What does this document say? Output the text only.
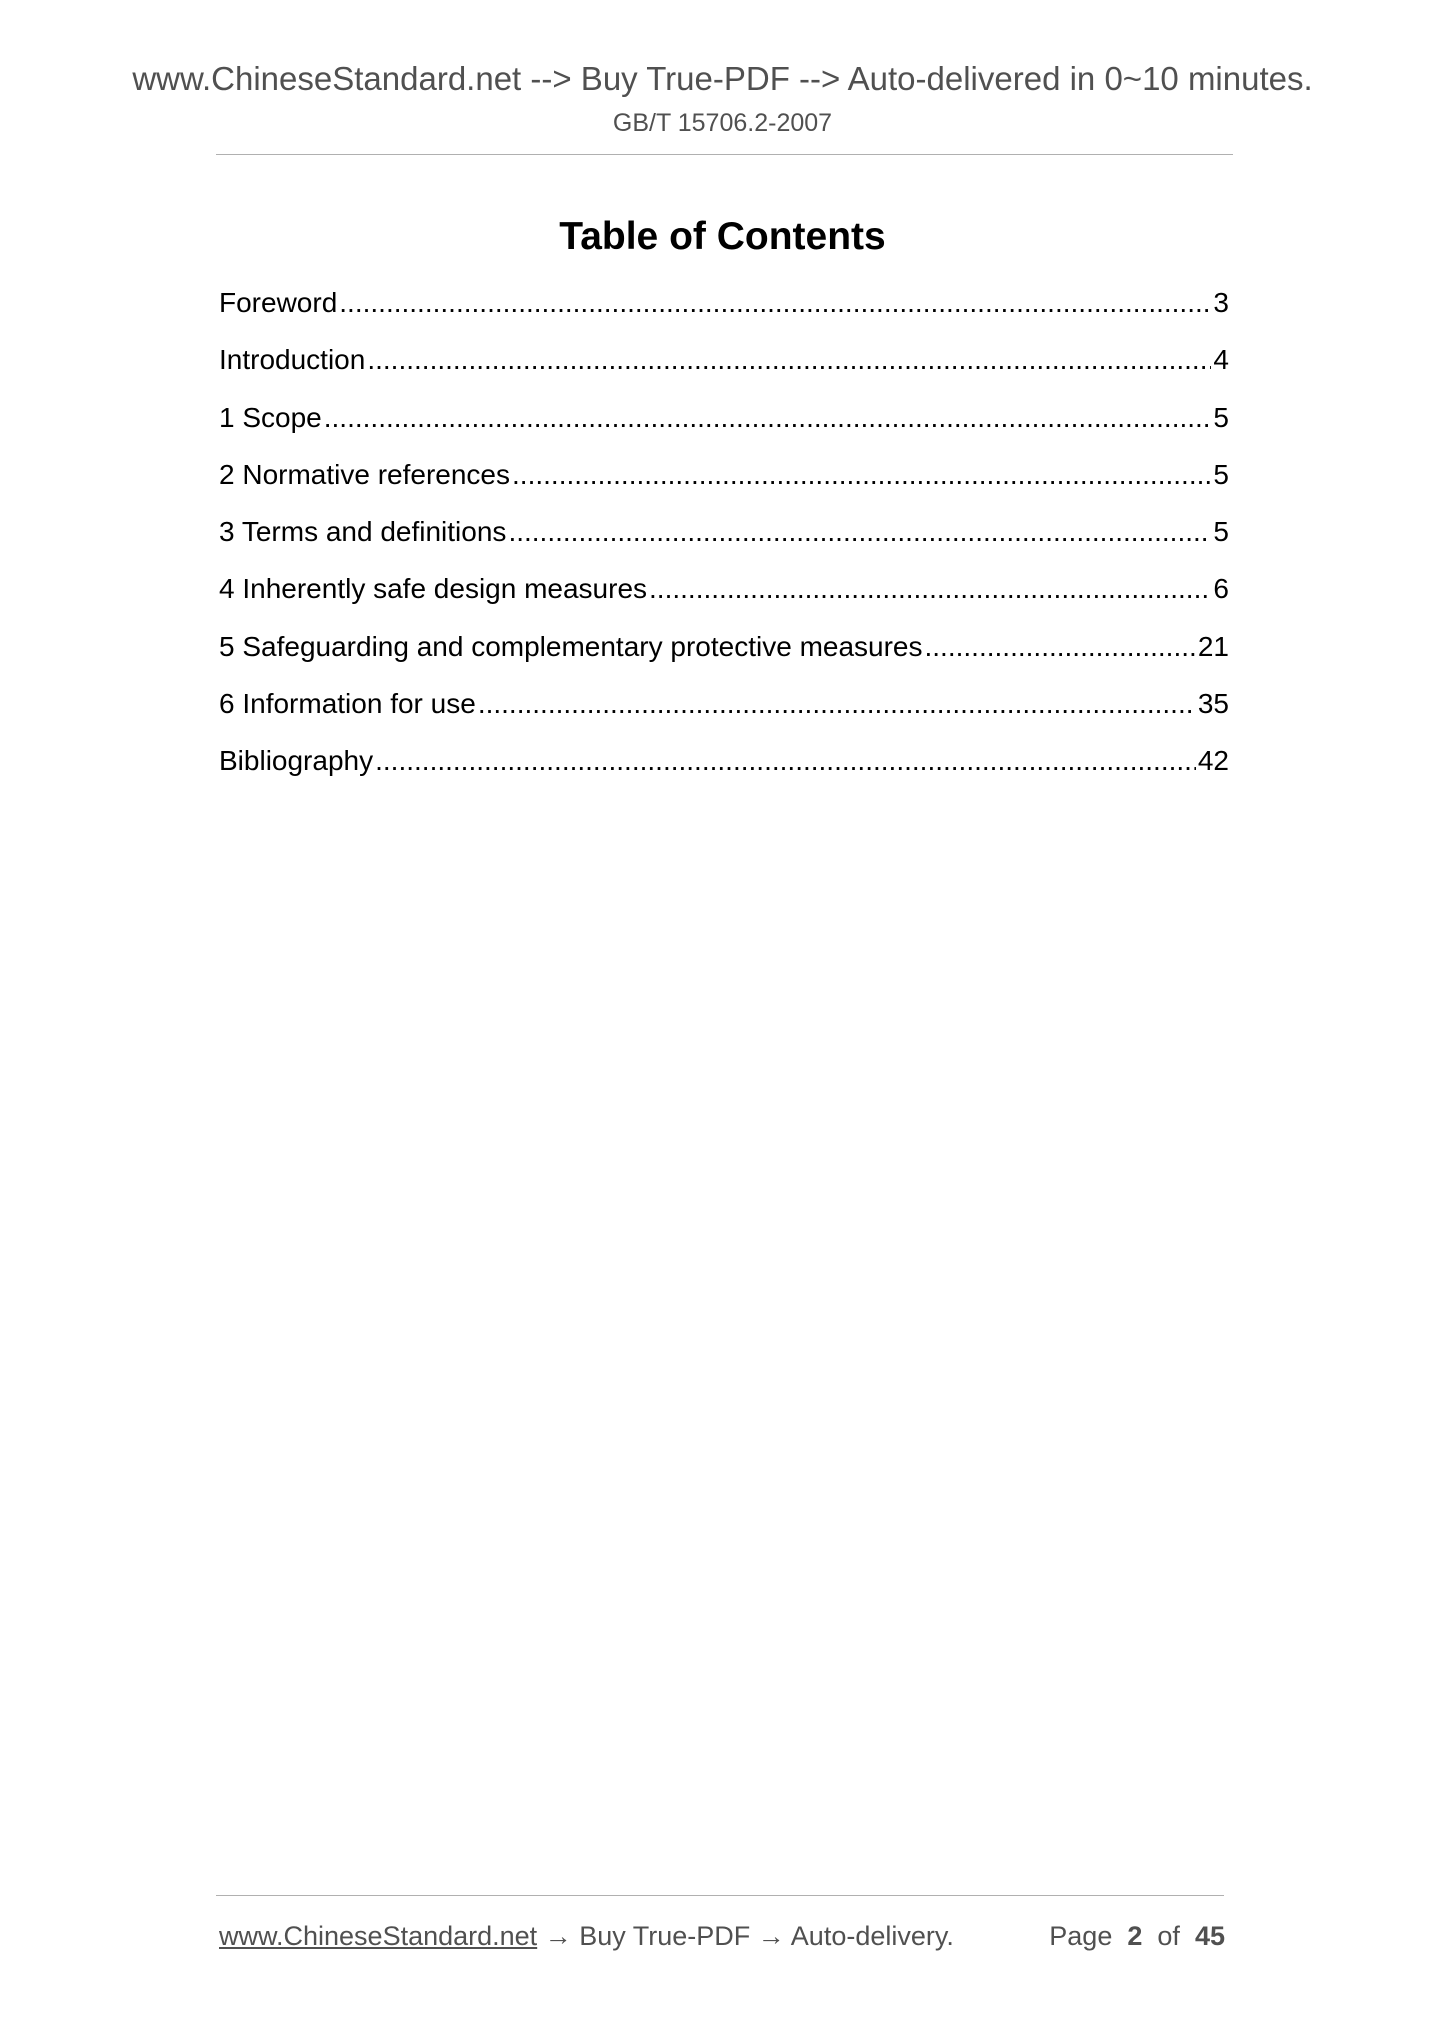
www.ChineseStandard.net --> Buy True-PDF --> Auto-delivered in 0~10 minutes.
GB/T 15706.2-2007
Table of Contents
Foreword .....	3
Introduction .....	4
1 Scope .....	5
2 Normative references .....	5
3 Terms and definitions .....	5
4 Inherently safe design measures .....	6
5 Safeguarding and complementary protective measures .....	21
6 Information for use .....	35
Bibliography .....	42
www.ChineseStandard.net → Buy True-PDF → Auto-delivery.	Page 2 of 45
